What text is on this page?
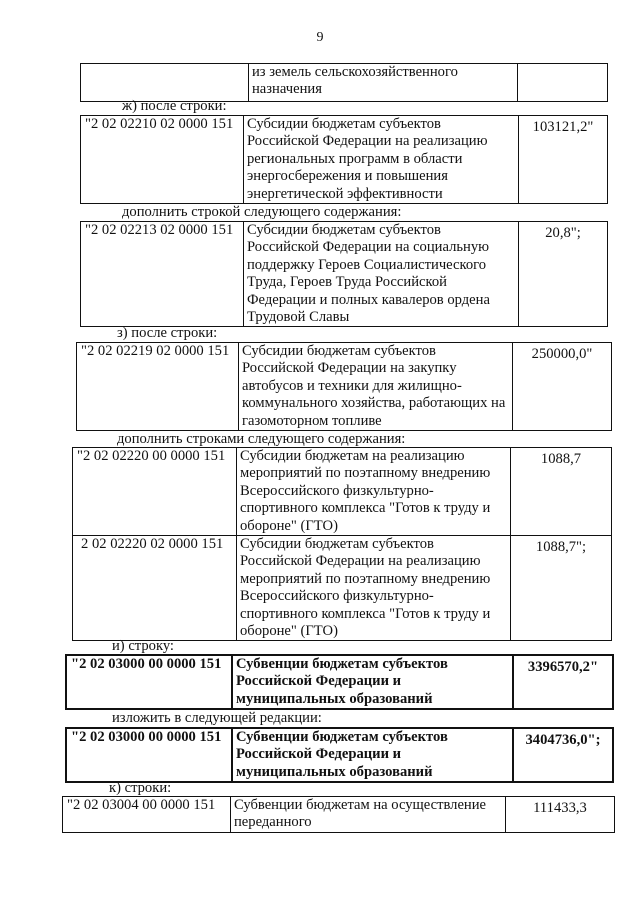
9
	из земель сельскохозяйственного назначения	
ж) после строки:
"2 02 02210 02 0000 151	Субсидии бюджетам субъектов Российской Федерации на реализацию региональных программ в области энергосбережения и повышения энергетической эффективности	103121,2"
дополнить строкой следующего содержания:
"2 02 02213 02 0000 151	Субсидии бюджетам субъектов Российской Федерации на социальную поддержку Героев Социалистического Труда, Героев Труда Российской Федерации и полных кавалеров ордена Трудовой Славы	20,8";
з) после строки:
"2 02 02219 02 0000 151	Субсидии бюджетам субъектов Российской Федерации на закупку автобусов и техники для жилищно-коммунального хозяйства, работающих на газомоторном топливе	250000,0"
дополнить строками следующего содержания:
"2 02 02220 00 0000 151	Субсидии бюджетам на реализацию мероприятий по поэтапному внедрению Всероссийского физкультурно-спортивного комплекса "Готов к труду и обороне" (ГТО)	1088,7
2 02 02220 02 0000 151	Субсидии бюджетам субъектов Российской Федерации на реализацию мероприятий по поэтапному внедрению Всероссийского физкультурно-спортивного комплекса "Готов к труду и обороне" (ГТО)	1088,7";
и) строку:
"2 02 03000 00 0000 151	Субвенции бюджетам субъектов Российской Федерации и муниципальных образований	3396570,2"
изложить в следующей редакции:
"2 02 03000 00 0000 151	Субвенции бюджетам субъектов Российской Федерации и муниципальных образований	3404736,0";
к) строки:
"2 02 03004 00 0000 151	Субвенции бюджетам на осуществление переданного	111433,3
